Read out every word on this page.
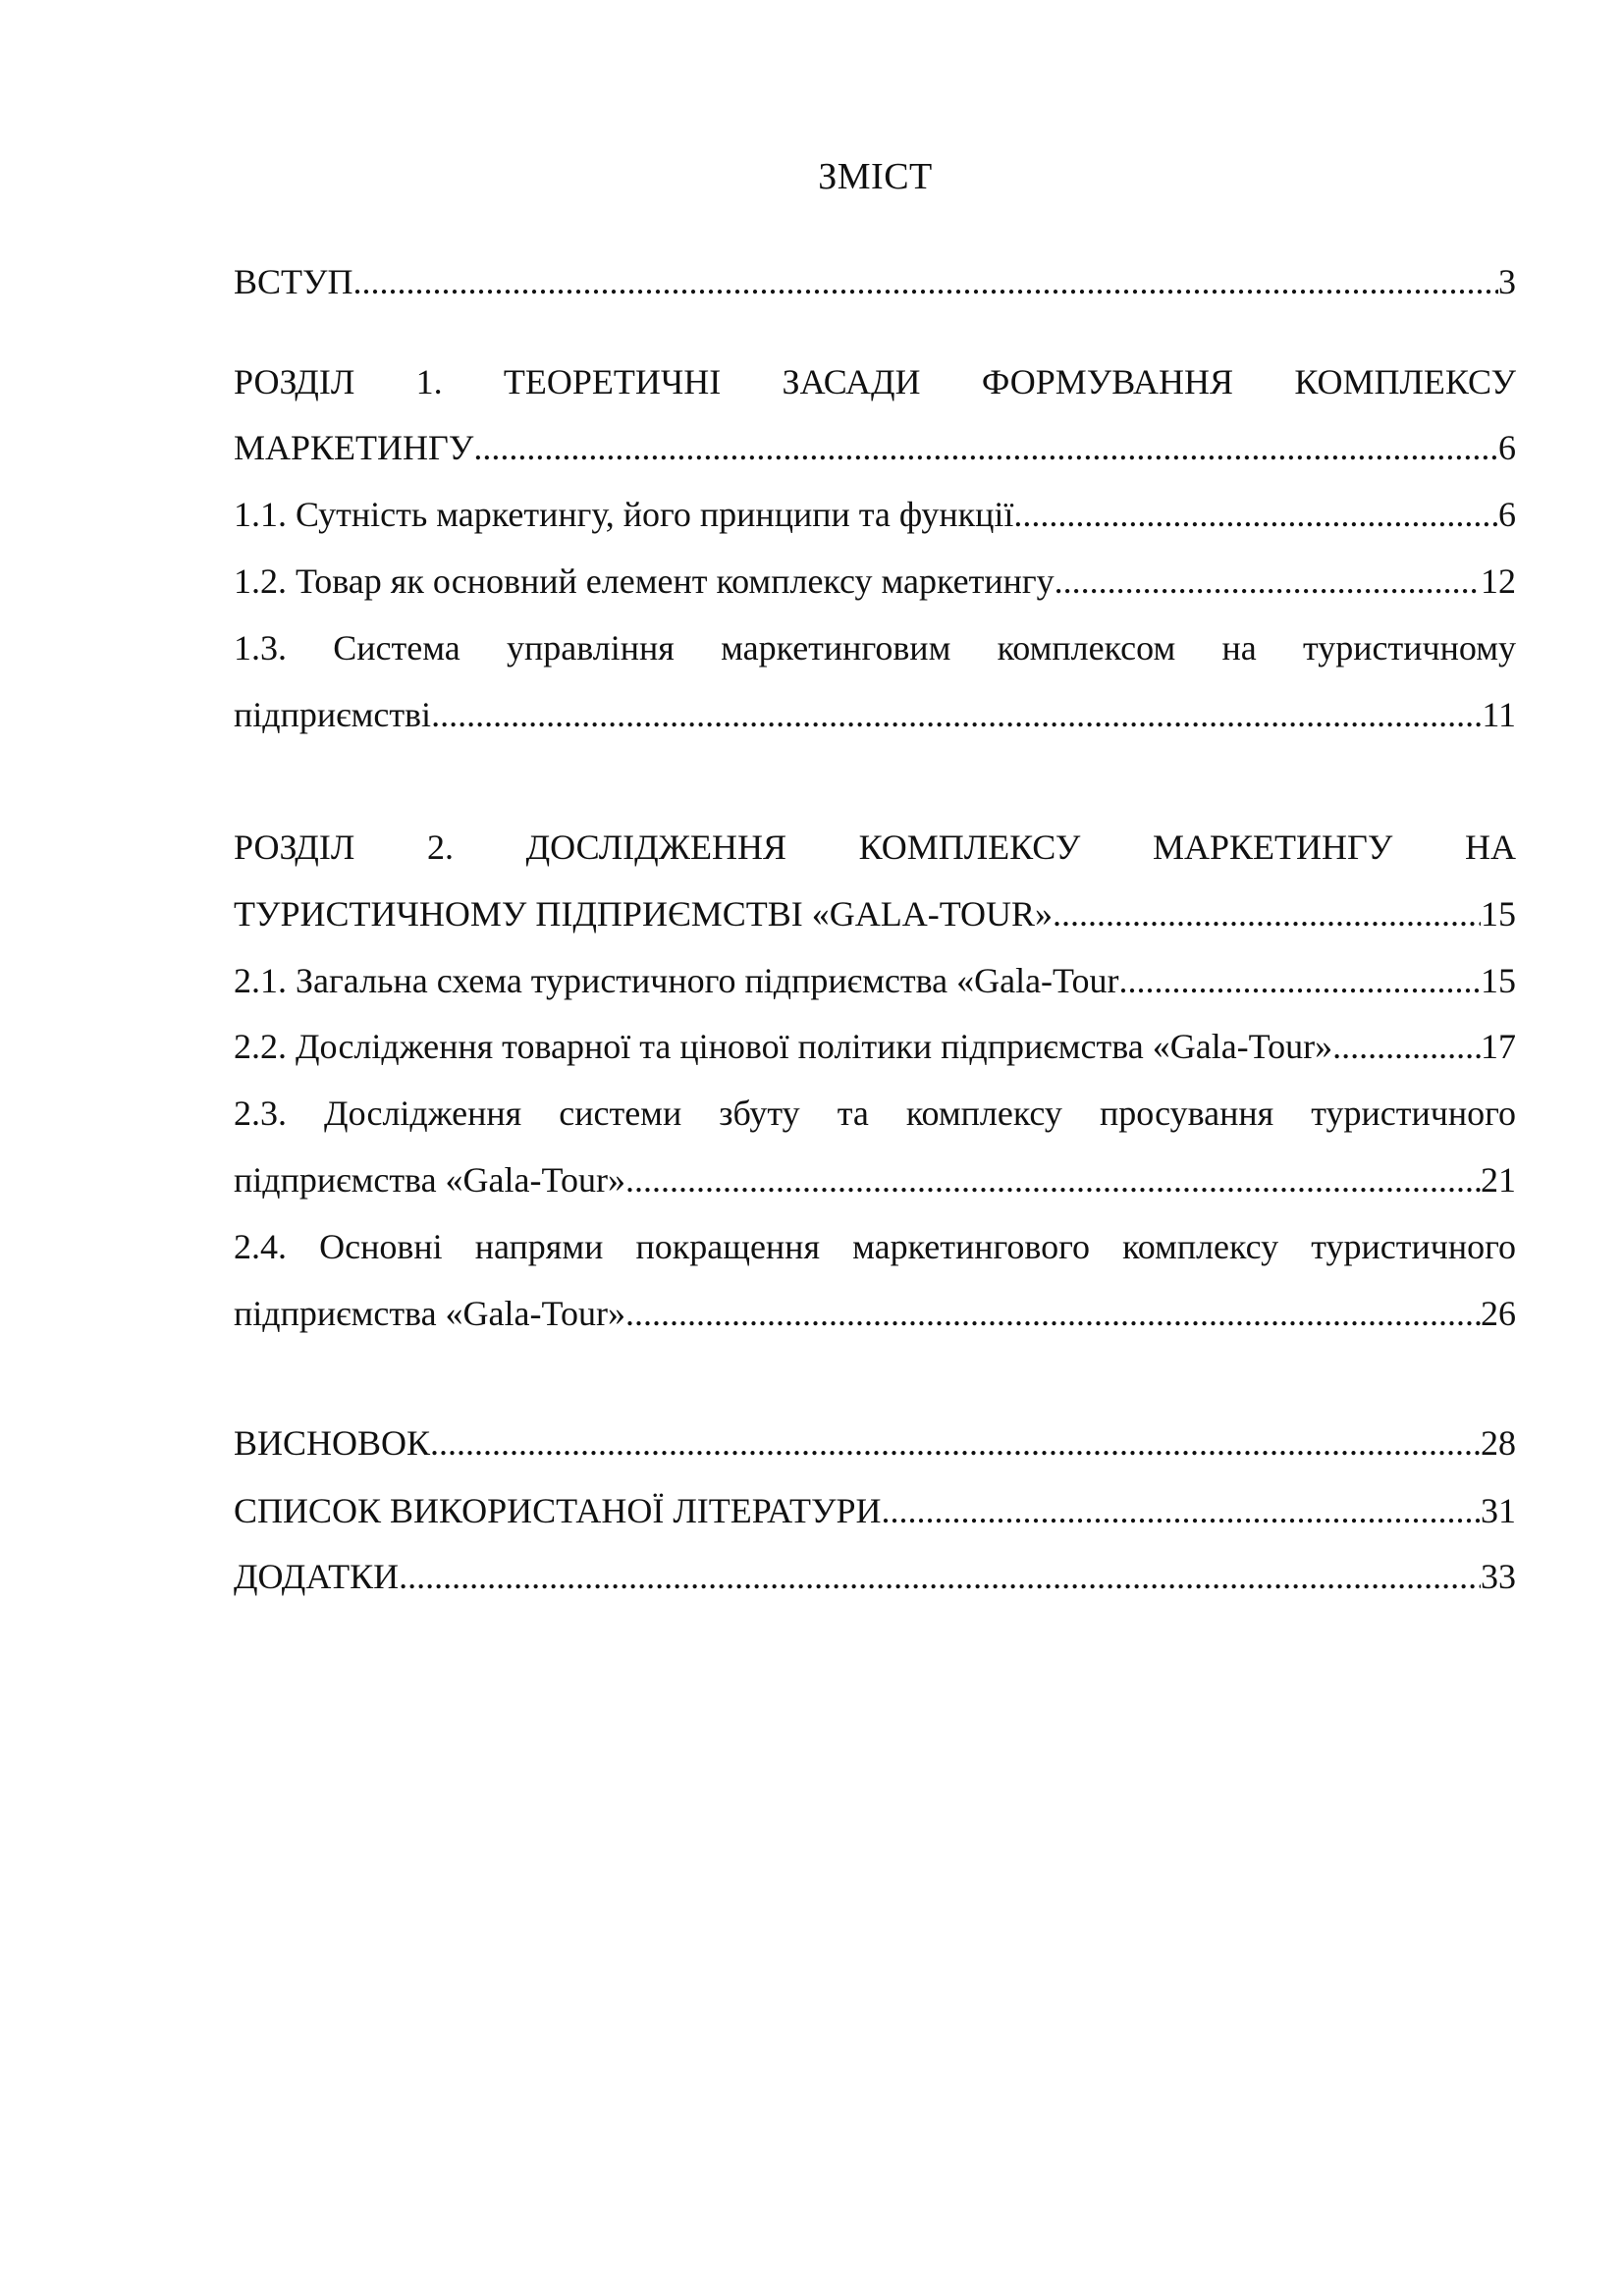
ЗМІСТ
ВСТУП .....	3
РОЗДІЛ 1. ТЕОРЕТИЧНІ ЗАСАДИ ФОРМУВАННЯ КОМПЛЕКСУ
МАРКЕТИНГУ .....	6
1.1. Сутність маркетингу, його принципи та функції .....	6
1.2. Товар як основний елемент комплексу маркетингу .....	12
1.3. Система управління маркетинговим комплексом на туристичному
підприємстві .....	11
РОЗДІЛ 2. ДОСЛІДЖЕННЯ КОМПЛЕКСУ МАРКЕТИНГУ НА
ТУРИСТИЧНОМУ ПІДПРИЄМСТВІ «GALA-TOUR» .....	15
2.1. Загальна схема туристичного підприємства «Gala-Tour .....	15
2.2. Дослідження товарної та цінової політики підприємства «Gala-Tour» .....	17
2.3. Дослідження системи збуту та комплексу просування туристичного
підприємства «Gala-Tour» .....	21
2.4. Основні напрями покращення маркетингового комплексу туристичного
підприємства «Gala-Tour» .....	26
ВИСНОВОК .....	28
СПИСОК ВИКОРИСТАНОЇ ЛІТЕРАТУРИ .....	31
ДОДАТКИ .....	33
